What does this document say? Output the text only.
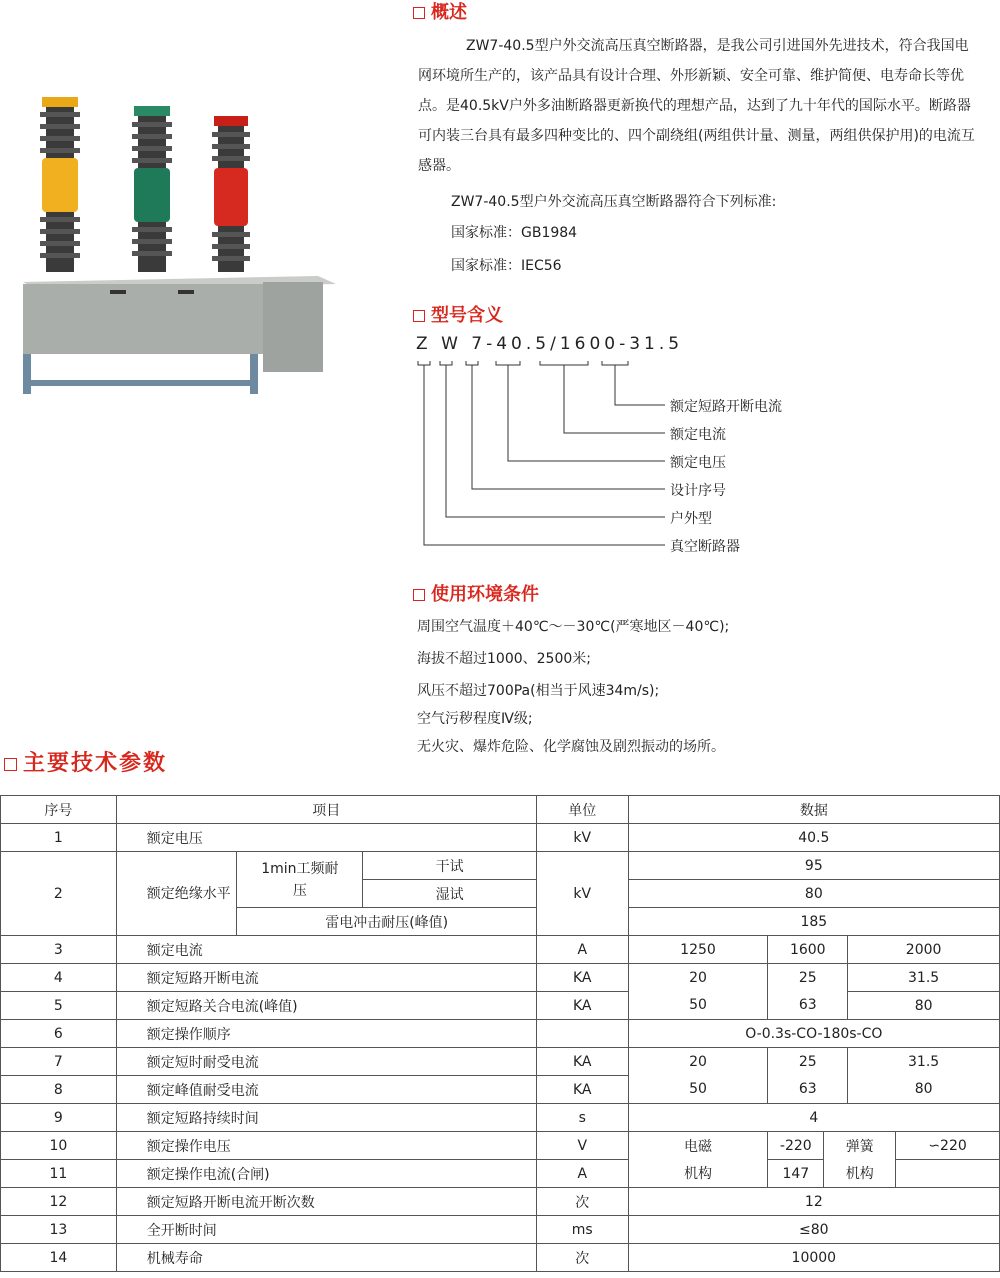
概述
ZW7-40.5型户外交流高压真空断路器，是我公司引进国外先进技术，符合我国电网环境所生产的，该产品具有设计合理、外形新颖、安全可靠、维护简便、电寿命长等优点。是40.5kV户外多油断路器更新换代的理想产品，达到了九十年代的国际水平。断路器可内装三台具有最多四种变比的、四个副绕组(两组供计量、测量，两组供保护用)的电流互感器。
ZW7-40.5型户外交流高压真空断路器符合下列标准:
国家标准：GB1984
国家标准：IEC56
型号含义
Z W 7-40.5/1600-31.5
额定短路开断电流
额定电流
额定电压
设计序号
户外型
真空断路器
使用环境条件
周围空气温度＋40℃～－30℃(严寒地区－40℃);
海拔不超过1000、2500米;
风压不超过700Pa(相当于风速34m/s);
空气污秽程度Ⅳ级;
无火灾、爆炸危险、化学腐蚀及剧烈振动的场所。
主要技术参数
序号	项目			单位	数据				
1	额定电压			kV	40.5				
2	额定绝缘水平	1min工频耐压	干试	kV	95				
			湿试		80				
		雷电冲击耐压(峰值)			185				
3	额定电流			A	1250	1600		2000	
4	额定短路开断电流			KA	20	25		31.5	
5	额定短路关合电流(峰值)			KA	50	63		80	
6	额定操作顺序				O-0.3s-CO-180s-CO				
7	额定短时耐受电流			KA	20	25		31.5	
8	额定峰值耐受电流			KA	50	63		80	
9	额定短路持续时间			s	4				
10	额定操作电压			V	电磁	-220	弹簧		∽220
11	额定操作电流(合闸)			A	机构	147	机构		
12	额定短路开断电流开断次数			次	12				
13	全开断时间			ms	≤80				
14	机械寿命			次	10000				
